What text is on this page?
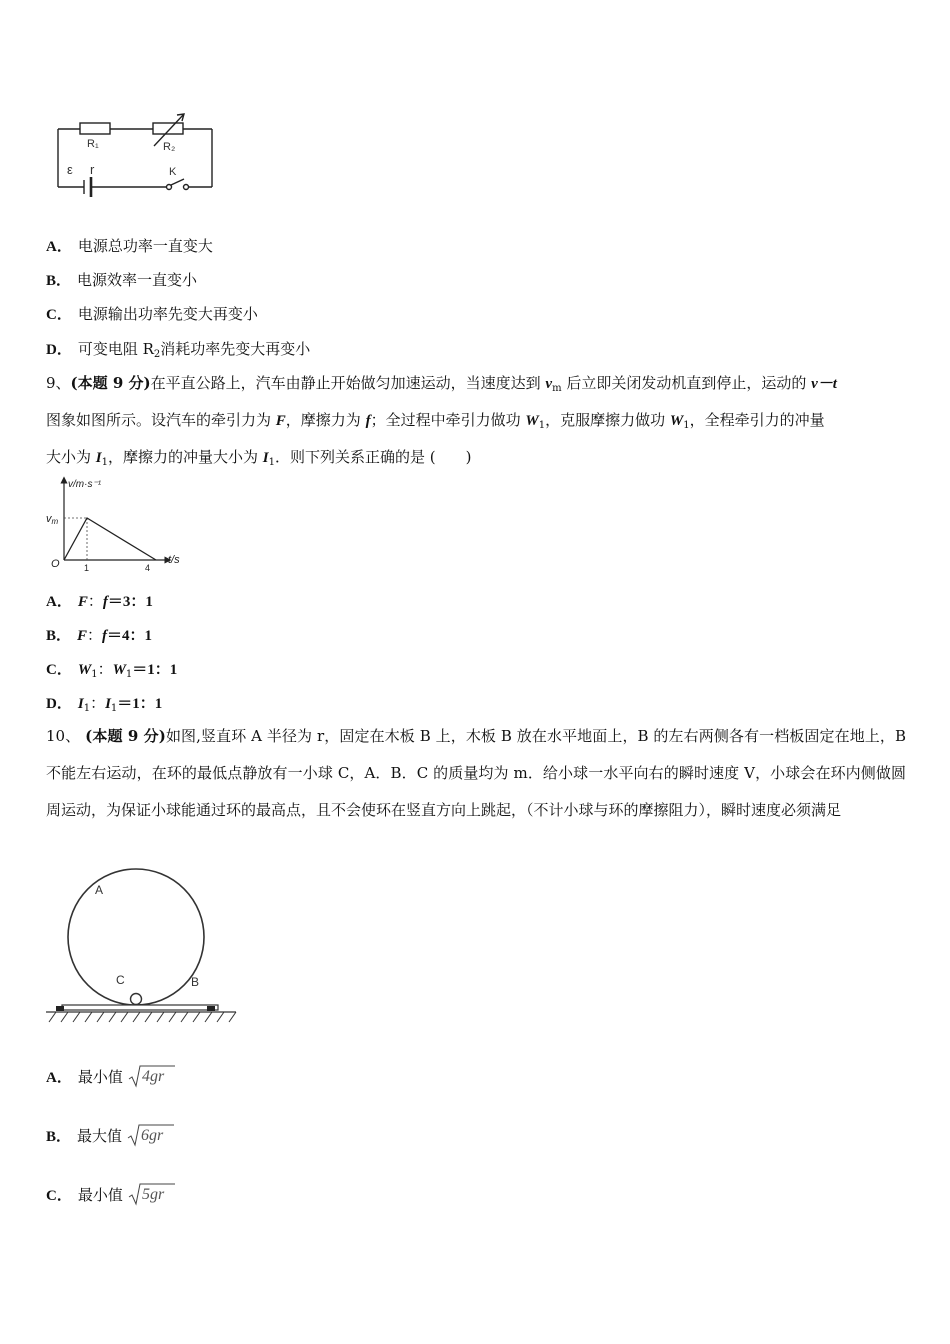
R₁	R₂
ε r	K
A． 电源总功率一直变大
B． 电源效率一直变小
C． 电源输出功率先变大再变小
D． 可变电阻 $R_2$消耗功率先变大再变小
9、(本题 9 分)在平直公路上，汽车由静止开始做匀加速运动，当速度达到 $v_m$ 后立即关闭发动机直到停止，运动的 v－t
图象如图所示。设汽车的牵引力为 F，摩擦力为 f；全过程中牵引力做功 $W_1$，克服摩擦力做功 $W_1$，全程牵引力的冲量
大小为 $I_1$，摩擦力的冲量大小为 $I_1$．则下列关系正确的是 (　　)
v/m·s⁻¹
t/s
vm
O	1	4
A． F：f＝3：1
B． F：f＝4：1
C． $W_1$：$W_1=1$：1
D． $I_1$：$I_1=1$：1
10、 (本题 9 分)如图,竖直环 A 半径为 r，固定在木板 B 上，木板 B 放在水平地面上，B 的左右两侧各有一档板固定在地上，B 不能左右运动，在环的最低点静放有一小球 C，A．B．C 的质量均为 m．给小球一水平向右的瞬时速度 V，小球会在环内侧做圆周运动，为保证小球能通过环的最高点，且不会使环在竖直方向上跳起，（不计小球与环的摩擦阻力），瞬时速度必须满足
A
C	B
A． 最小值 4gr
B． 最大值 6gr
C． 最小值 5gr
